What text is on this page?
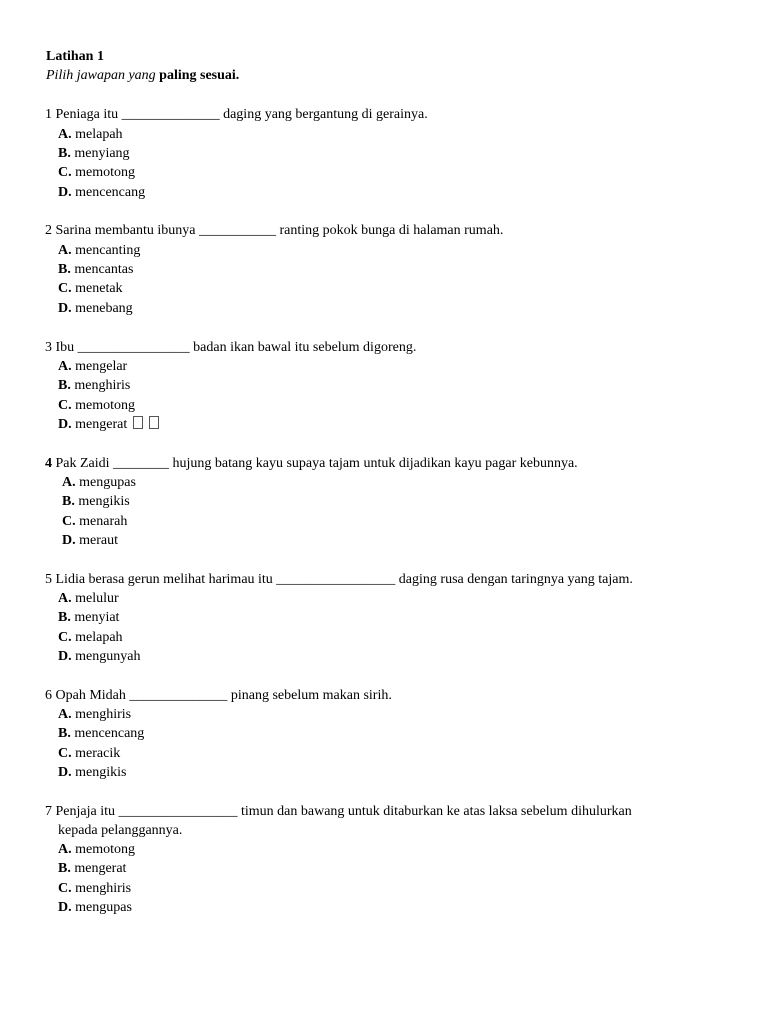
Latihan 1
Pilih jawapan yang paling sesuai.
1 Peniaga itu ______________ daging yang bergantung di gerainya.
A. melapah
B. menyiang
C. memotong
D. mencencang
2 Sarina membantu ibunya ___________ ranting pokok bunga di halaman rumah.
A. mencanting
B. mencantas
C. menetak
D. menebang
3 Ibu ________________ badan ikan bawal itu sebelum digoreng.
A. mengelar
B. menghiris
C. memotong
D. mengerat
4 Pak Zaidi ________ hujung batang kayu supaya tajam untuk dijadikan kayu pagar kebunnya.
A. mengupas
B. mengikis
C. menarah
D. meraut
5 Lidia berasa gerun melihat harimau itu _________________ daging rusa dengan taringnya yang tajam.
A. melulur
B. menyiat
C. melapah
D. mengunyah
6 Opah Midah ______________ pinang sebelum makan sirih.
A. menghiris
B. mencencang
C. meracik
D. mengikis
7 Penjaja itu _________________ timun dan bawang untuk ditaburkan ke atas laksa sebelum dihulurkan
kepada pelanggannya.
A. memotong
B. mengerat
C. menghiris
D. mengupas
